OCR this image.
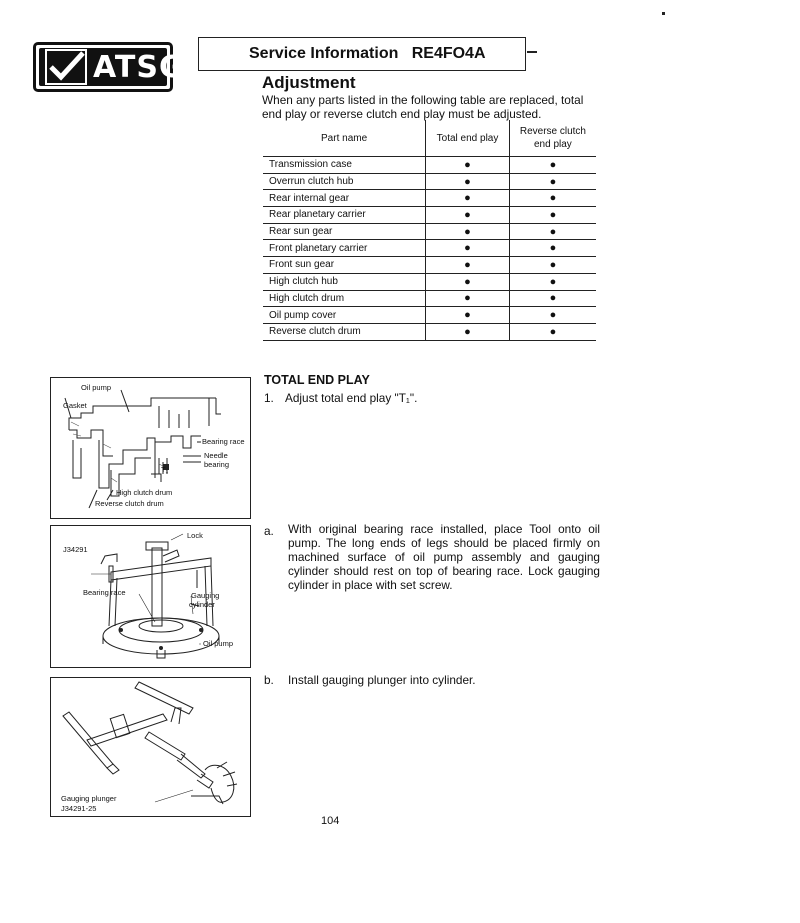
ATSG	Service Information   RE4FO4A
Adjustment
When any parts listed in the following table are replaced, total end play or reverse clutch end play must be adjusted.
Part name	Total end play	Reverse clutch end play
Transmission case	●	●
Overrun clutch hub	●	●
Rear internal gear	●	●
Rear planetary carrier	●	●
Rear sun gear	●	●
Front planetary carrier	●	●
Front sun gear	●	●
High clutch hub	●	●
High clutch drum	●	●
Oil pump cover	●	●
Reverse clutch drum	●	●
Oil pump
Gasket
Bearing race
Needle
bearing
T₁
High clutch drum
Reverse clutch drum
Lock
J34291
Bearing race	Gauging
cylinder
Oil pump
Gauging plunger
J34291-25
TOTAL END PLAY
1. Adjust total end play "T₁".
a. With original bearing race installed, place Tool onto oil pump. The long ends of legs should be placed firmly on machined surface of oil pump assembly and gauging cylinder should rest on top of bearing race. Lock gauging cylinder in place with set screw.
b. Install gauging plunger into cylinder.
104
